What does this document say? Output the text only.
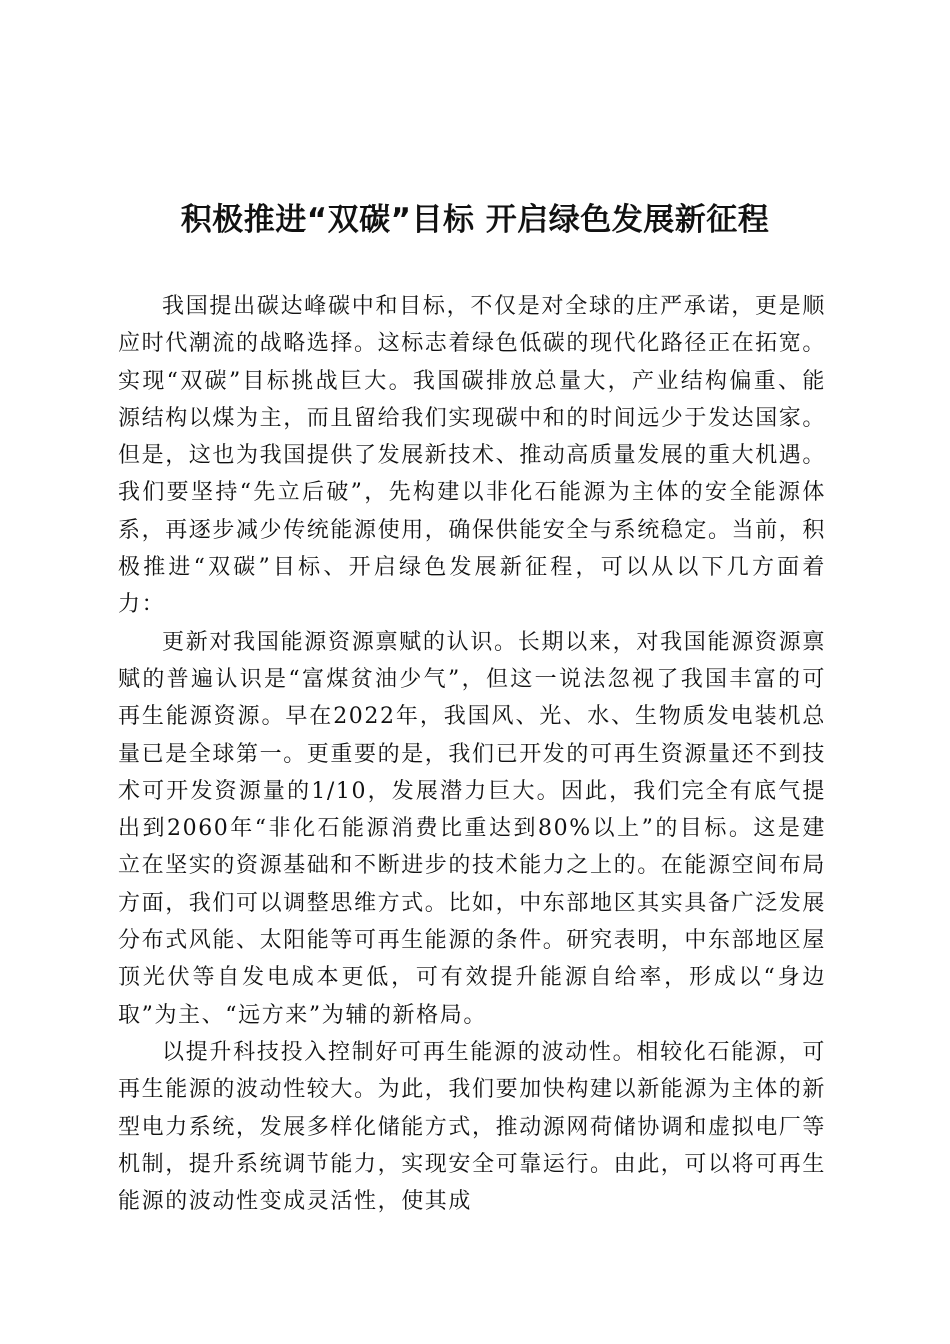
积极推进“双碳”目标 开启绿色发展新征程

我国提出碳达峰碳中和目标，不仅是对全球的庄严承诺，更是顺应时代潮流的战略选择。这标志着绿色低碳的现代化路径正在拓宽。实现“双碳”目标挑战巨大。我国碳排放总量大，产业结构偏重、能源结构以煤为主，而且留给我们实现碳中和的时间远少于发达国家。但是，这也为我国提供了发展新技术、推动高质量发展的重大机遇。我们要坚持“先立后破”，先构建以非化石能源为主体的安全能源体系，再逐步减少传统能源使用，确保供能安全与系统稳定。当前，积极推进“双碳”目标、开启绿色发展新征程，可以从以下几方面着力：

更新对我国能源资源禀赋的认识。长期以来，对我国能源资源禀赋的普遍认识是“富煤贫油少气”，但这一说法忽视了我国丰富的可再生能源资源。早在2022年，我国风、光、水、生物质发电装机总量已是全球第一。更重要的是，我们已开发的可再生资源量还不到技术可开发资源量的1/10，发展潜力巨大。因此，我们完全有底气提出到2060年“非化石能源消费比重达到80%以上”的目标。这是建立在坚实的资源基础和不断进步的技术能力之上的。在能源空间布局方面，我们可以调整思维方式。比如，中东部地区其实具备广泛发展分布式风能、太阳能等可再生能源的条件。研究表明，中东部地区屋顶光伏等自发电成本更低，可有效提升能源自给率，形成以“身边取”为主、“远方来”为辅的新格局。

以提升科技投入控制好可再生能源的波动性。相较化石能源，可再生能源的波动性较大。为此，我们要加快构建以新能源为主体的新型电力系统，发展多样化储能方式，推动源网荷储协调和虚拟电厂等机制，提升系统调节能力，实现安全可靠运行。由此，可以将可再生能源的波动性变成灵活性，使其成
